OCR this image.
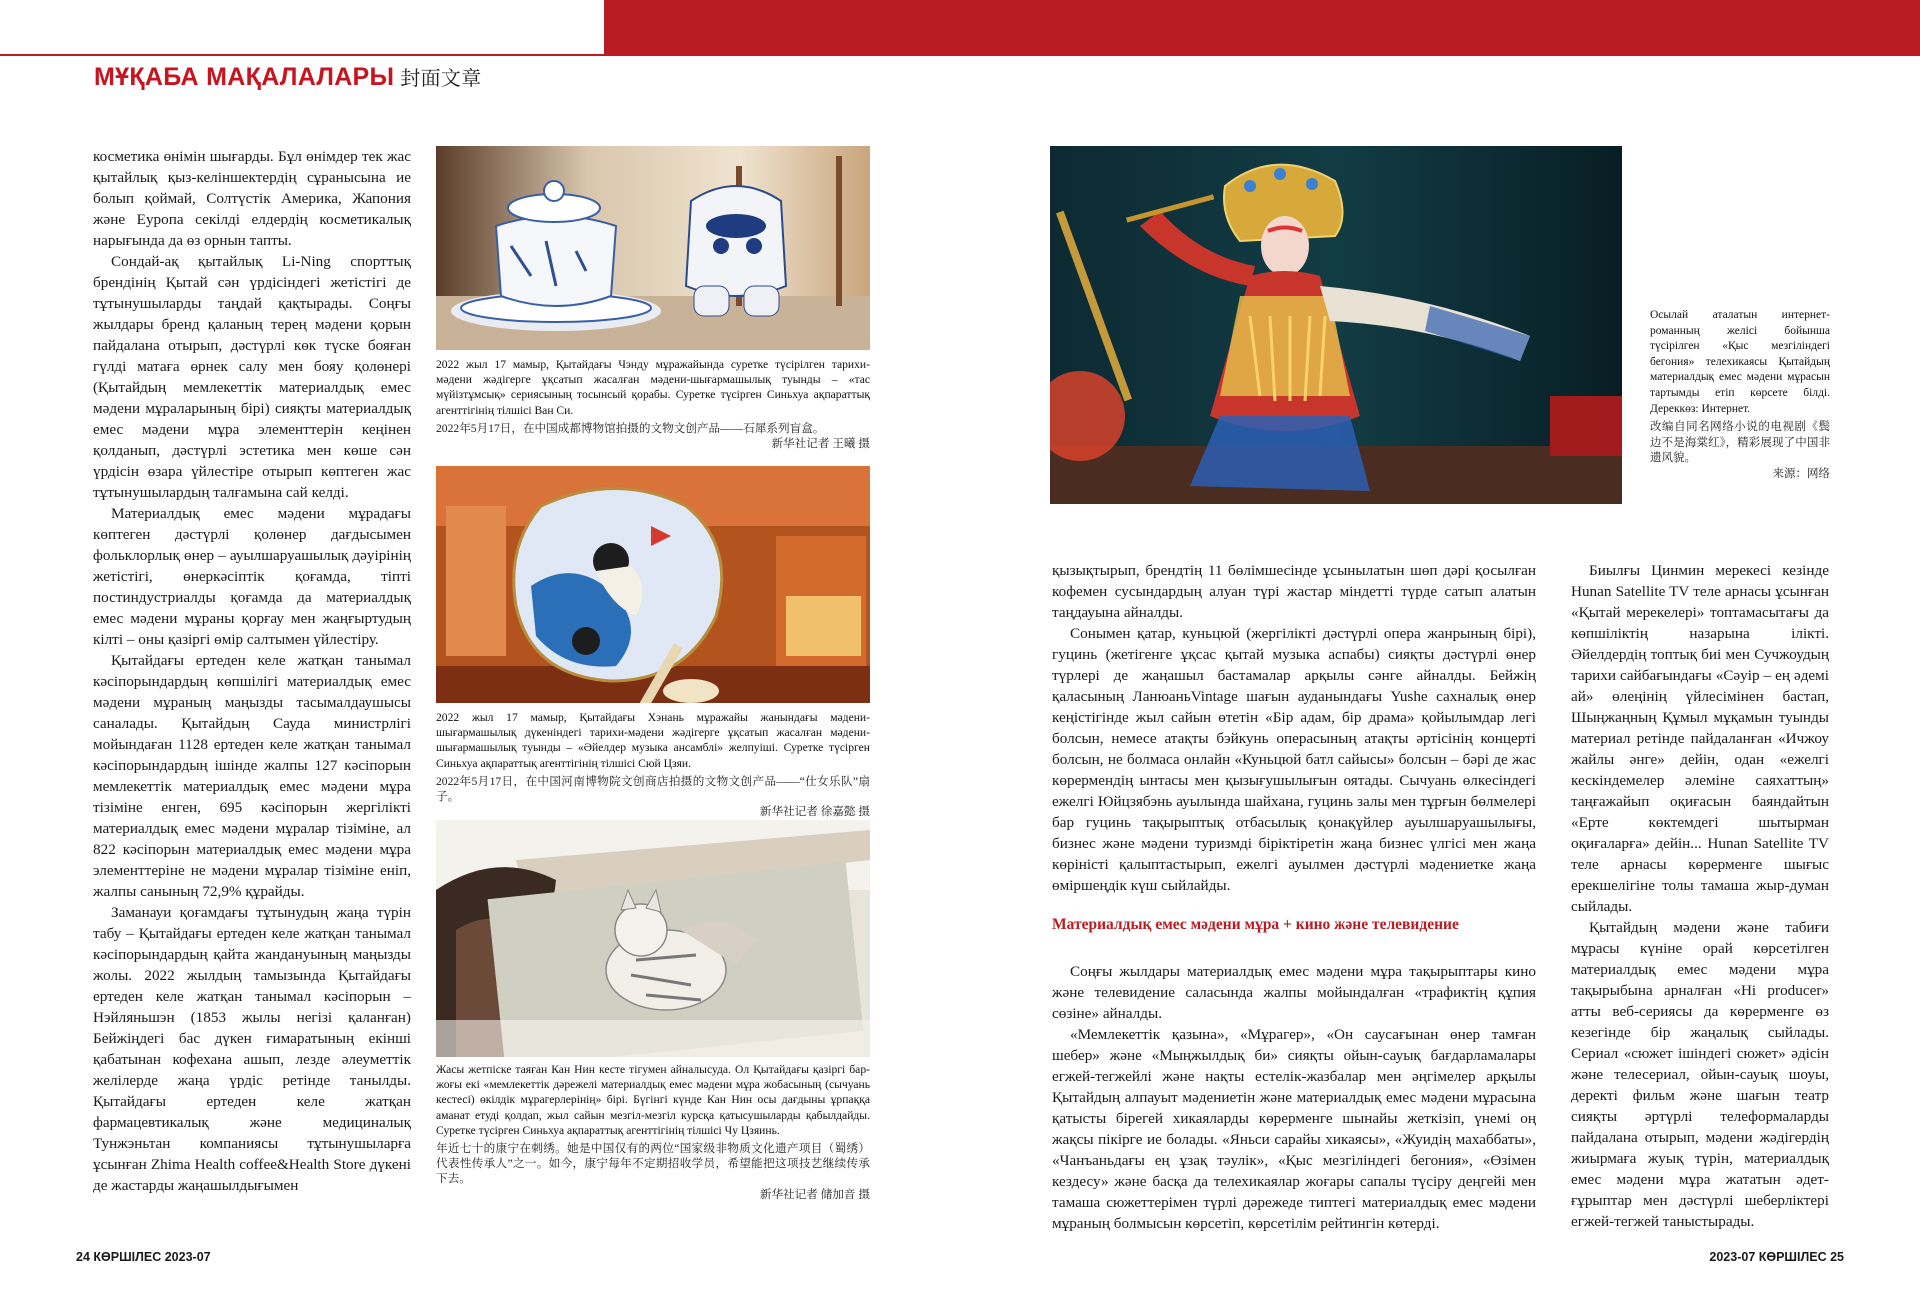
МҰҚАБА МАҚАЛАЛАРЫ 封面文章

косметика өнімін шығарды. Бұл өнімдер тек жас қытайлық қыз-келіншектердің сұранысына ие болып қоймай, Солтүстік Америка, Жапония және Еуропа секілді елдердің косметикалық нарығында да өз орнын тапты.

Сондай-ақ қытайлық Li-Ning спорттық брендінің Қытай сән үрдісіндегі жетістігі де тұтынушыларды таңдай қақтырады. Соңғы жылдары бренд қаланың терең мәдени қорын пайдалана отырып, дәстүрлі көк түске бояған гүлді матаға өрнек салу мен бояу қолөнері (Қытайдың мемлекеттік материалдық емес мәдени мұраларының бірі) сияқты материалдық емес мәдени мұра элементтерін кеңінен қолданып, дәстүрлі эстетика мен көше сән үрдісін өзара үйлестіре отырып көптеген жас тұтынушылардың талғамына сай келді.

Материалдық емес мәдени мұрадағы көптеген дәстүрлі қолөнер дағдысымен фольклорлық өнер – ауылшаруашылық дәуірінің жетістігі, өнеркәсіптік қоғамда, тіпті постиндустриалды қоғамда да материалдық емес мәдени мұраны қорғау мен жаңғыртудың кілті – оны қазіргі өмір салтымен үйлестіру.

Қытайдағы ертеден келе жатқан танымал кәсіпорындардың көпшілігі материалдық емес мәдени мұраның маңызды тасымалдаушысы саналады. Қытайдың Сауда министрлігі мойындаған 1128 ертеден келе жатқан танымал кәсіпорындардың ішінде жалпы 127 кәсіпорын мемлекеттік материалдық емес мәдени мұра тізіміне енген, 695 кәсіпорын жергілікті материалдық емес мәдени мұралар тізіміне, ал 822 кәсіпорын материалдық емес мәдени мұра элементтеріне не мәдени мұралар тізіміне еніп, жалпы санының 72,9% құрайды.

Заманауи қоғамдағы тұтынудың жаңа түрін табу – Қытайдағы ертеден келе жатқан танымал кәсіпорындардың қайта жандануының маңызды жолы. 2022 жылдың тамызында Қытайдағы ертеден келе жатқан танымал кәсіпорын – Нэйляньшэн (1853 жылы негізі қаланған) Бейжіңдегі бас дүкен ғимаратының екінші қабатынан кофехана ашып, лезде әлеуметтік желілерде жаңа үрдіс ретінде танылды. Қытайдағы ертеден келе жатқан фармацевтикалық және медициналық Тунжэньтан компаниясы тұтынушыларға ұсынған Zhima Health coffee&Health Store дүкені де жастарды жаңашылдығымен

2022 жыл 17 мамыр, Қытайдағы Чэнду мұражайында суретке түсірілген тарихи-мәдени жәдігерге ұқсатып жасалған мәдени-шығармашылық туынды – «тас мүйізтұмсық» сериясының тосынсый қорабы. Суретке түсірген Синьхуа ақпараттық агенттігінің тілшісі Ван Си.
2022年5月17日，在中国成都博物馆拍摄的文物文创产品——石犀系列盲盒。
新华社记者 王曦 摄
2022 жыл 17 мамыр, Қытайдағы Хэнань мұражайы жанындағы мәдени-шығармашылық дүкеніндегі тарихи-мәдени жәдігерге ұқсатып жасалған мәдени-шығармашылық туынды – «Әйелдер музыка ансамблі» желпуіші. Суретке түсірген Синьхуа ақпараттық агенттігінің тілшісі Сюй Цзяи.
2022年5月17日，在中国河南博物院文创商店拍摄的文物文创产品——“仕女乐队”扇子。
新华社记者 徐嘉懿 摄
Жасы жетпіске таяған Кан Нин кесте тігумен айналысуда. Ол Қытайдағы қазіргі бар-жоғы екі «мемлекеттік дәрежелі материалдық емес мәдени мұра жобасының (сычуань кестесі) өкілдік мұрагерлерінің» бірі. Бүгінгі күнде Кан Нин осы дағдыны ұрпаққа аманат етуді қолдап, жыл сайын мезгіл-мезгіл курсқа қатысушыларды қабылдайды. Суретке түсірген Синьхуа ақпараттық агенттігінің тілшісі Чу Цзяинь.
年近七十的康宁在刺绣。她是中国仅有的两位“国家级非物质文化遗产项目（蜀绣）代表性传承人”之一。如今，康宁每年不定期招收学员，希望能把这项技艺继续传承下去。
新华社记者 储加音 摄
24 КӨРШІЛЕС 2023-07
Осылай аталатын интернет-романның желісі бойынша түсірілген «Қыс мезгіліндегі бегония» телехикаясы Қытайдың материалдық емес мәдени мұрасын тартымды етіп көрсете білді. Дереккөз: Интернет.
改编自同名网络小说的电视剧《鬓边不是海棠红》，精彩展现了中国非遗风貌。
来源：网络

қызықтырып, брендтің 11 бөлімшесінде ұсынылатын шөп дәрі қосылған кофемен сусындардың алуан түрі жастар міндетті түрде сатып алатын таңдауына айналды.

Сонымен қатар, куньцюй (жергілікті дәстүрлі опера жанрының бірі), гуцинь (жетігенге ұқсас қытай музыка аспабы) сияқты дәстүрлі өнер түрлері де жаңашыл бастамалар арқылы сәнге айналды. Бейжің қаласының ЛанюаньVintage шағын ауданындағы Yushe сахналық өнер кеңістігінде жыл сайын өтетін «Бір адам, бір драма» қойылымдар легі болсын, немесе атақты бэйкунь операсының атақты әртісінің концерті болсын, не болмаса онлайн «Куньцюй батл сайысы» болсын – бәрі де жас көрермендің ынтасы мен қызығушылығын оятады. Сычуань өлкесіндегі ежелгі Юйцзябэнь ауылында шайхана, гуцинь залы мен тұрғын бөлмелері бар гуцинь тақырыптық отбасылық қонақүйлер ауылшаруашылығы, бизнес және мәдени туризмді біріктіретін жаңа бизнес үлгісі мен жаңа көріністі қалыптастырып, ежелгі ауылмен дәстүрлі мәдениетке жаңа өміршеңдік күш сыйлайды.

Материалдық емес мәдени мұра + кино және телевидение

Соңғы жылдары материалдық емес мәдени мұра тақырыптары кино және телевидение саласында жалпы мойындалған «трафиктің құпия сөзіне» айналды.

«Мемлекеттік қазына», «Мұрагер», «Он саусағынан өнер тамған шебер» және «Мыңжылдық би» сияқты ойын-сауық бағдарламалары егжей-тегжейлі және нақты естелік-жазбалар мен әңгімелер арқылы Қытайдың алпауыт мәдениетін және материалдық емес мәдени мұрасына қатысты бірегей хикаяларды көрерменге шынайы жеткізіп, үнемі оң жақсы пікірге ие болады. «Яньси сарайы хикаясы», «Жуидің махаббаты», «Чанъаньдағы ең ұзақ тәулік», «Қыс мезгіліндегі бегония», «Өзімен кездесу» және басқа да телехикаялар жоғары сапалы түсіру деңгейі мен тамаша сюжеттерімен түрлі дәрежеде типтегі материалдық емес мәдени мұраның болмысын көрсетіп, көрсетілім рейтингін көтерді.

Биылғы Цинмин мерекесі кезінде Hunan Satellite TV теле арнасы ұсынған «Қытай мерекелері» топтамасытағы да көпшіліктің назарына ілікті. Әйелдердің топтық биі мен Сучжоудың тарихи сайбағындағы «Сәуір – ең әдемі ай» өлеңінің үйлесімінен бастап, Шыңжаңның Құмыл мұқамын туынды материал ретінде пайдаланған «Ичжоу жайлы әнге» дейін, одан «ежелгі кескіндемелер әлеміне саяхаттың» таңғажайып оқиғасын баяндайтын «Ерте көктемдегі шытырман оқиғаларға» дейін... Hunan Satellite TV теле арнасы көрерменге шығыс ерекшелігіне толы тамаша жыр-думан сыйлады.

Қытайдың мәдени және табиғи мұрасы күніне орай көрсетілген материалдық емес мәдени мұра тақырыбына арналған «Hi producer» атты веб-сериясы да көрерменге өз кезегінде бір жаңалық сыйлады. Сериал «сюжет ішіндегі сюжет» әдісін және телесериал, ойын-сауық шоуы, деректі фильм және шағын театр сияқты әртүрлі телеформаларды пайдалана отырып, мәдени жәдігердің жиырмаға жуық түрін, материалдық емес мәдени мұра жататын әдет-ғұрыптар мен дәстүрлі шеберліктері егжей-тегжей таныстырады.

2023-07 КӨРШІЛЕС 25
